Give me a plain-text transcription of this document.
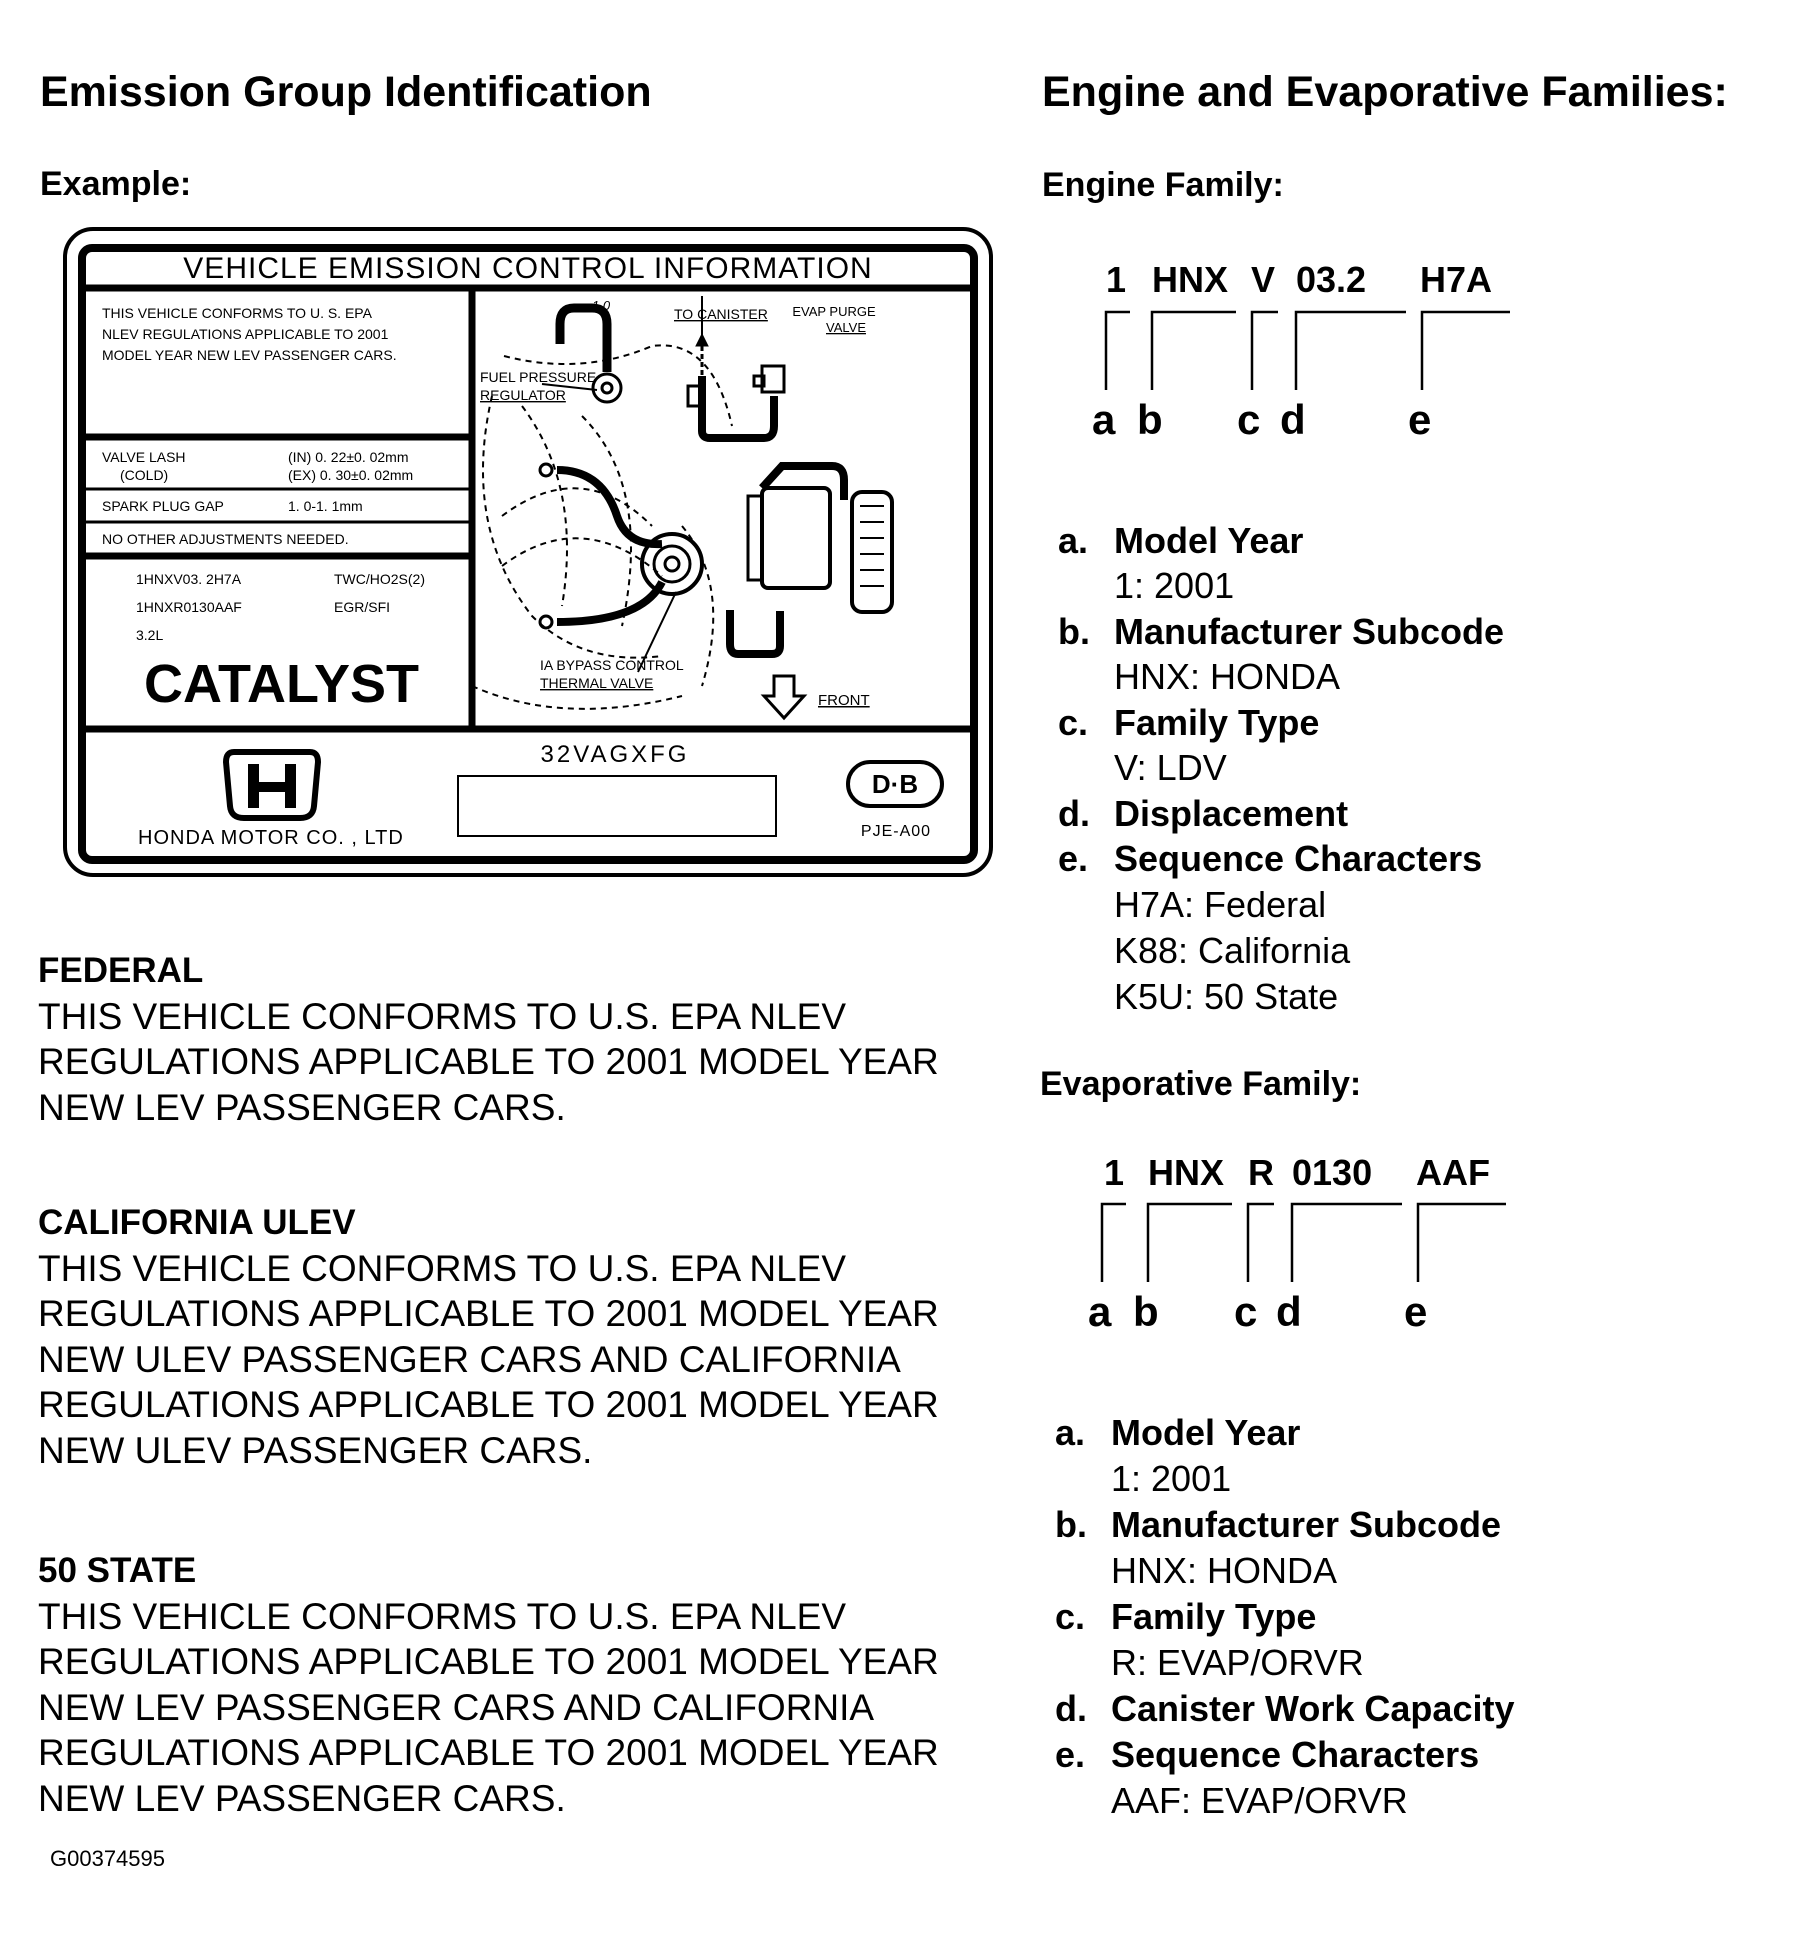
Emission Group Identification
Example:
VEHICLE EMISSION CONTROL INFORMATION
THIS VEHICLE CONFORMS TO U. S. EPA
NLEV REGULATIONS APPLICABLE TO 2001
MODEL YEAR NEW LEV PASSENGER CARS.
VALVE LASH
(COLD)
(IN) 0. 22±0. 02mm
(EX) 0. 30±0. 02mm
SPARK PLUG GAP	1. 0-1. 1mm
NO OTHER ADJUSTMENTS NEEDED.
1HNXV03. 2H7A
1HNXR0130AAF
3.2L
TWC/HO2S(2)
EGR/SFI
CATALYST
1.0
TO CANISTER EVAP PURGE
VALVE
FUEL PRESSURE
REGULATOR
IA BYPASS CONTROL
THERMAL VALVE
FRONT
HONDA MOTOR CO. , LTD
32VAGXFG
D·B
PJE-A00
FEDERAL
THIS VEHICLE CONFORMS TO U.S. EPA NLEV
REGULATIONS APPLICABLE TO 2001 MODEL YEAR
NEW LEV PASSENGER CARS.
CALIFORNIA ULEV
THIS VEHICLE CONFORMS TO U.S. EPA NLEV
REGULATIONS APPLICABLE TO 2001 MODEL YEAR
NEW ULEV PASSENGER CARS AND CALIFORNIA
REGULATIONS APPLICABLE TO 2001 MODEL YEAR
NEW ULEV PASSENGER CARS.
50 STATE
THIS VEHICLE CONFORMS TO U.S. EPA NLEV
REGULATIONS APPLICABLE TO 2001 MODEL YEAR
NEW LEV PASSENGER CARS AND CALIFORNIA
REGULATIONS APPLICABLE TO 2001 MODEL YEAR
NEW LEV PASSENGER CARS.
G00374595
Engine and Evaporative Families:
Engine Family:
1 HNX V 03.2 H7A
a b c d e
a. Model Year
1: 2001
b. Manufacturer Subcode
HNX: HONDA
c. Family Type
V: LDV
d. Displacement
e. Sequence Characters
H7A: Federal
K88: California
K5U: 50 State
Evaporative Family:
1 HNX R 0130 AAF
a b c d e
a. Model Year
1: 2001
b. Manufacturer Subcode
HNX: HONDA
c. Family Type
R: EVAP/ORVR
d. Canister Work Capacity
e. Sequence Characters
AAF: EVAP/ORVR
